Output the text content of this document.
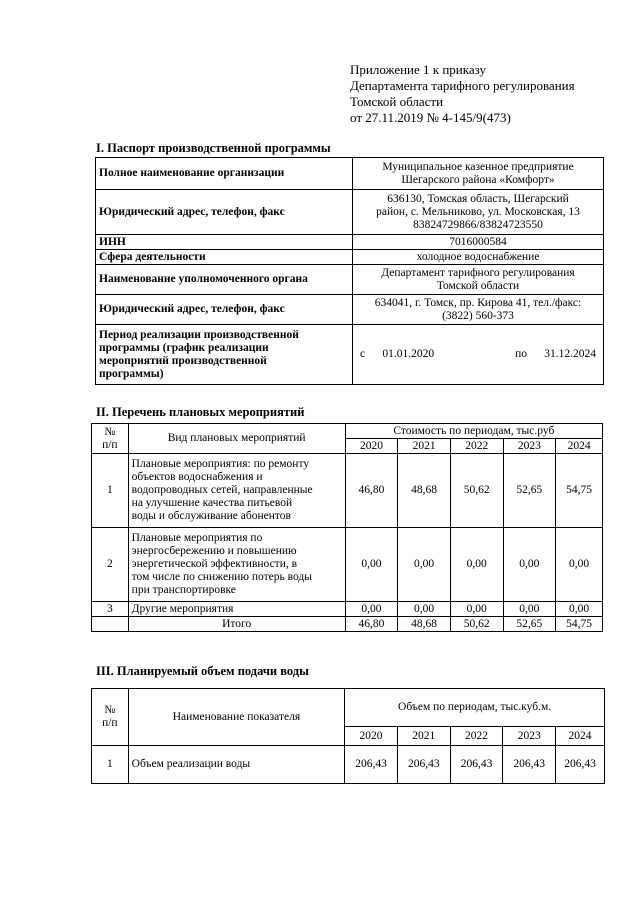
Приложение 1 к приказу
Департамента тарифного регулирования
Томской области
от 27.11.2019 № 4-145/9(473)
I. Паспорт производственной программы
Полное наименование организации	Муниципальное казенное предприятие
Шегарского района «Комфорт»
Юридический адрес, телефон, факс	636130, Томская область, Шегарский
район, с. Мельниково, ул. Московская, 13
83824729866/83824723550
ИНН	7016000584
Сфера деятельности	холодное водоснабжение
Наименование уполномоченного органа	Департамент тарифного регулирования
Томской области
Юридический адрес, телефон, факс	634041, г. Томск, пр. Кирова 41, тел./факс:
(3822) 560-373
Период реализации производственной
программы (график реализации
мероприятий производственной
программы)	с 01.01.2020 по 31.12.2024
II. Перечень плановых мероприятий
№
п/п	Вид плановых мероприятий	Стоимость по периодам, тыс.руб				
		2020	2021	2022	2023	2024
1	Плановые мероприятия: по ремонту
объектов водоснабжения и
водопроводных сетей, направленные
на улучшение качества питьевой
воды и обслуживание абонентов	46,80	48,68	50,62	52,65	54,75
2	Плановые мероприятия по
энергосбережению и повышению
энергетической эффективности, в
том числе по снижению потерь воды
при транспортировке	0,00	0,00	0,00	0,00	0,00
3	Другие мероприятия	0,00	0,00	0,00	0,00	0,00
	Итого	46,80	48,68	50,62	52,65	54,75
III. Планируемый объем подачи воды
№
п/п	Наименование показателя	Объем по периодам, тыс.куб.м.				
		2020	2021	2022	2023	2024
1	Объем реализации воды	206,43	206,43	206,43	206,43	206,43
